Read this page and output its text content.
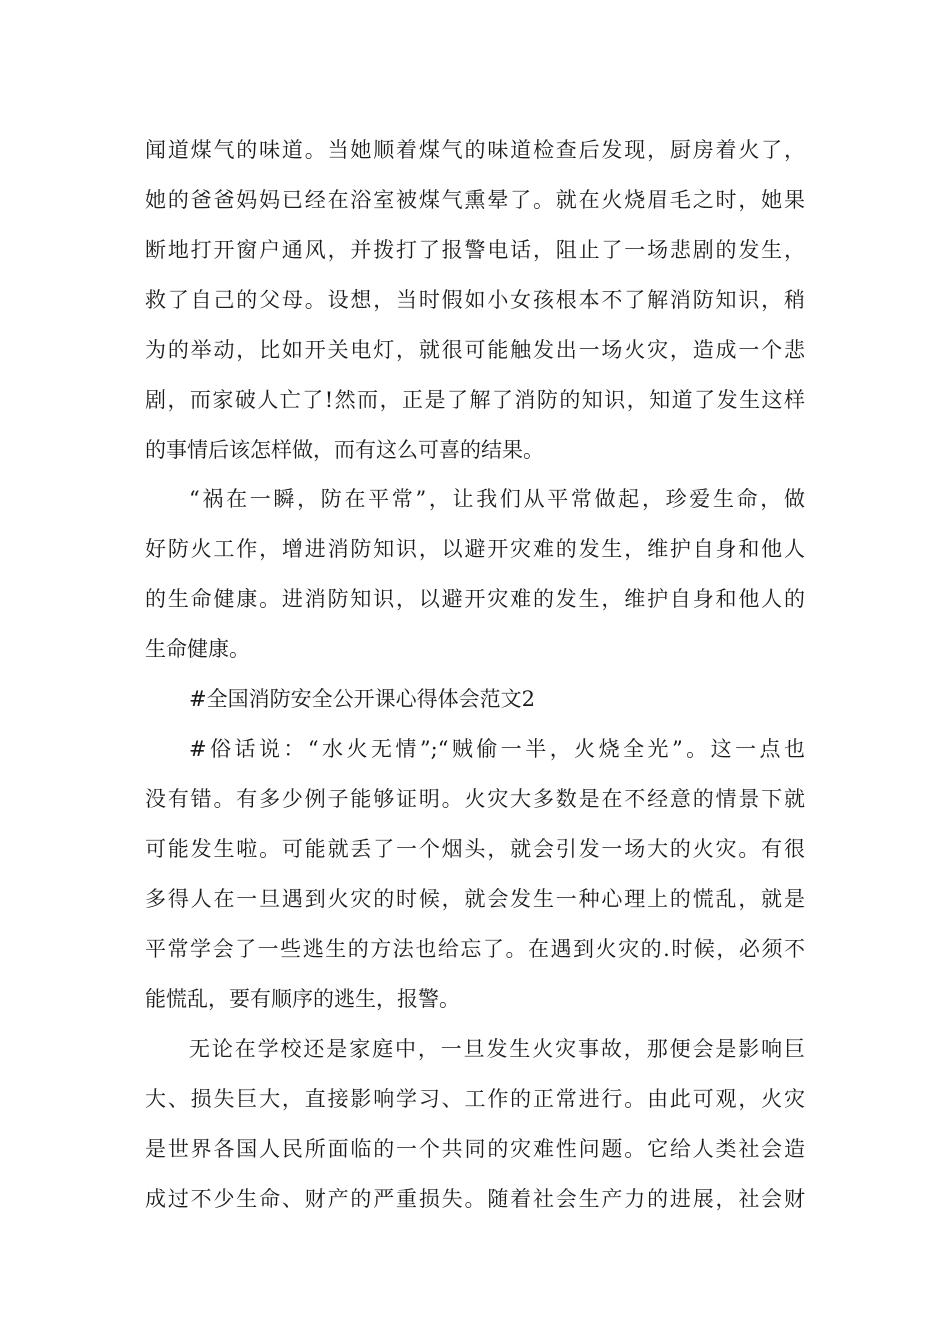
闻道煤气的味道。当她顺着煤气的味道检查后发现，厨房着火了，
她的爸爸妈妈已经在浴室被煤气熏晕了。就在火烧眉毛之时，她果
断地打开窗户通风，并拨打了报警电话，阻止了一场悲剧的发生，
救了自己的父母。设想，当时假如小女孩根本不了解消防知识，稍
为的举动，比如开关电灯，就很可能触发出一场火灾，造成一个悲
剧，而家破人亡了!然而，正是了解了消防的知识，知道了发生这样
的事情后该怎样做，而有这么可喜的结果。
“祸在一瞬，防在平常”，让我们从平常做起，珍爱生命，做
好防火工作，增进消防知识，以避开灾难的发生，维护自身和他人
的生命健康。进消防知识，以避开灾难的发生，维护自身和他人的
生命健康。
#全国消防安全公开课心得体会范文2
#俗话说：“水火无情”;“贼偷一半，火烧全光”。这一点也
没有错。有多少例子能够证明。火灾大多数是在不经意的情景下就
可能发生啦。可能就丢了一个烟头，就会引发一场大的火灾。有很
多得人在一旦遇到火灾的时候，就会发生一种心理上的慌乱，就是
平常学会了一些逃生的方法也给忘了。在遇到火灾的.时候，必须不
能慌乱，要有顺序的逃生，报警。
无论在学校还是家庭中，一旦发生火灾事故，那便会是影响巨
大、损失巨大，直接影响学习、工作的正常进行。由此可观，火灾
是世界各国人民所面临的一个共同的灾难性问题。它给人类社会造
成过不少生命、财产的严重损失。随着社会生产力的进展，社会财
